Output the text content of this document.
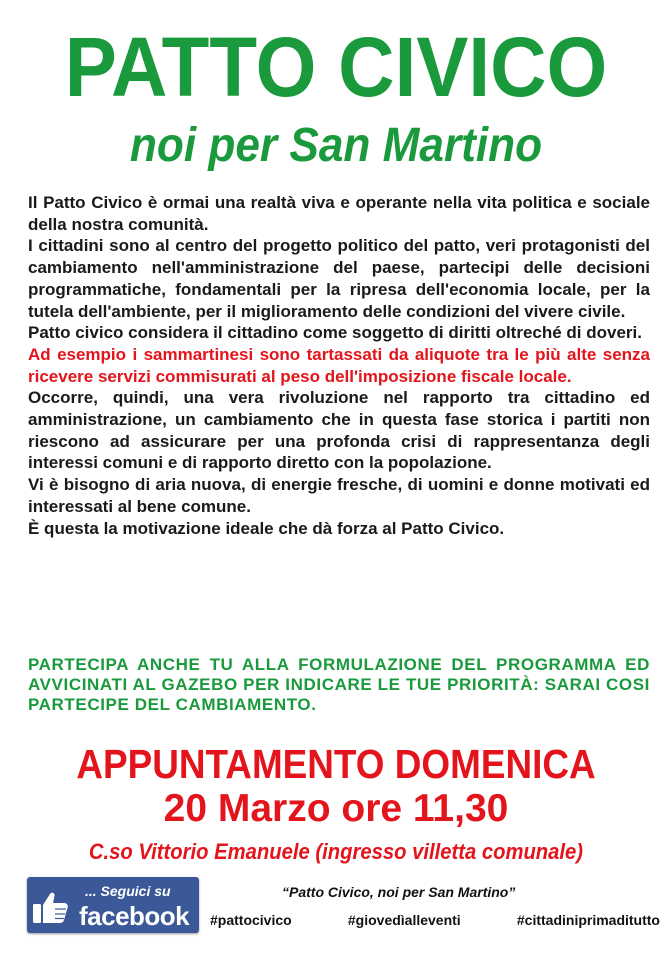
PATTO CIVICO
noi per San Martino

Il Patto Civico è ormai una realtà viva e operante nella vita politica e sociale della nostra comunità.

I cittadini sono al centro del progetto politico del patto, veri protagonisti del cambiamento nell'amministrazione del paese, partecipi delle decisioni programmatiche, fondamentali per la ripresa dell'economia locale, per la tutela dell'ambiente, per il miglioramento delle condizioni del vivere civile.

Patto civico considera il cittadino come soggetto di diritti oltreché di doveri.

Ad esempio i sammartinesi sono tartassati da aliquote tra le più alte senza ricevere servizi commisurati al peso dell'imposizione fiscale locale.

Occorre, quindi, una vera rivoluzione nel rapporto tra cittadino ed amministrazione, un cambiamento che in questa fase storica i partiti non riescono ad assicurare per una profonda crisi di rappresentanza degli interessi comuni e di rapporto diretto con la popolazione.

Vi è bisogno di aria nuova, di energie fresche, di uomini e donne motivati ed interessati al bene comune.

È questa la motivazione ideale che dà forza al Patto Civico.

PARTECIPA ANCHE TU ALLA FORMULAZIONE DEL PROGRAMMA ED AVVICINATI AL GAZEBO PER INDICARE LE TUE PRIORITÀ: SARAI COSI PARTECIPE DEL CAMBIAMENTO.
APPUNTAMENTO DOMENICA
20 Marzo ore 11,30
C.so Vittorio Emanuele (ingresso villetta comunale)
... Seguici su
facebook
“Patto Civico, noi per San Martino”
#pattocivico	#giovedìalleventi	#cittadiniprimaditutto
